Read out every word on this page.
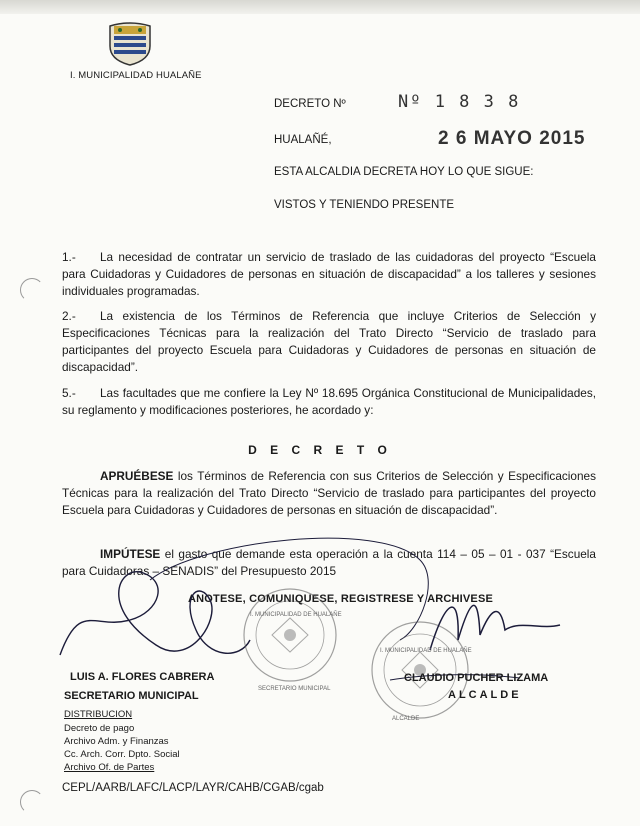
I. MUNICIPALIDAD HUALAÑE
DECRETO Nº	Nº 1 8 3 8
HUALAÑÉ,	2 6 MAYO 2015
ESTA ALCALDIA DECRETA HOY LO QUE SIGUE:
VISTOS Y TENIENDO PRESENTE
1.- La necesidad de contratar un servicio de traslado de las cuidadoras del proyecto “Escuela para Cuidadoras y Cuidadores de personas en situación de discapacidad” a los talleres y sesiones individuales programadas.
2.- La existencia de los Términos de Referencia que incluye Criterios de Selección y Especificaciones Técnicas para la realización del Trato Directo “Servicio de traslado para participantes del proyecto Escuela para Cuidadoras y Cuidadores de personas en situación de discapacidad”.
5.- Las facultades que me confiere la Ley Nº 18.695 Orgánica Constitucional de Municipalidades, su reglamento y modificaciones posteriores, he acordado y:
D E C R E T O
APRUÉBESE los Términos de Referencia con sus Criterios de Selección y Especificaciones Técnicas para la realización del Trato Directo “Servicio de traslado para participantes del proyecto Escuela para Cuidadoras y Cuidadores de personas en situación de discapacidad”.
IMPÚTESE el gasto que demande esta operación a la cuenta 114 – 05 – 01 - 037 “Escuela para Cuidadoras – SENADIS” del Presupuesto 2015
ANOTESE, COMUNIQUESE, REGISTRESE Y ARCHIVESE
I. MUNICIPALIDAD DE HUALAÑE
SECRETARIO MUNICIPAL
I. MUNICIPALIDAD DE HUALAÑE
ALCALDE
LUIS A. FLORES CABRERA
SECRETARIO MUNICIPAL
CLAUDIO PUCHER LIZAMA
ALCALDE
DISTRIBUCION
Decreto de pago
Archivo Adm. y Finanzas
Cc. Arch. Corr. Dpto. Social
Archivo Of. de Partes
CEPL/AARB/LAFC/LACP/LAYR/CAHB/CGAB/cgab
